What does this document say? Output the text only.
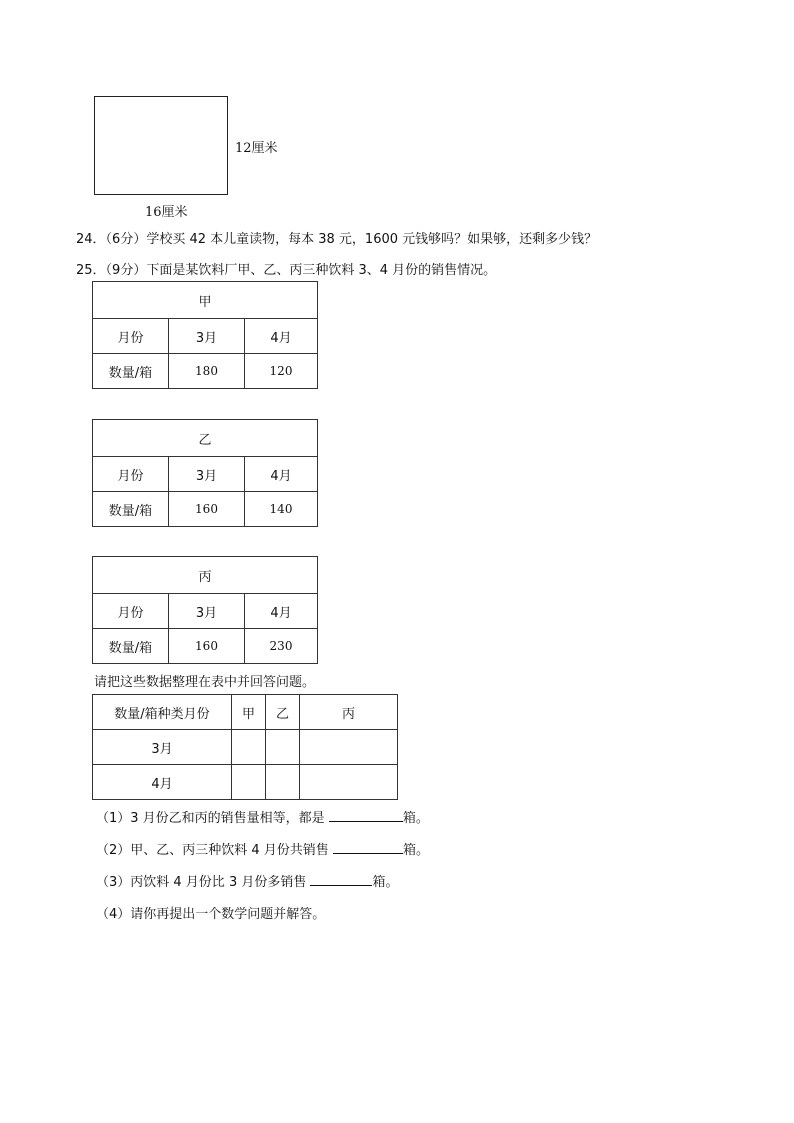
12厘米
16厘米
24．（6分）学校买 42 本儿童读物，每本 38 元，1600 元钱够吗？如果够，还剩多少钱？
25．（9分）下面是某饮料厂甲、乙、丙三种饮料 3、4 月份的销售情况。
甲		
月份	3月	4月
数量/箱	180	120
乙		
月份	3月	4月
数量/箱	160	140
丙		
月份	3月	4月
数量/箱	160	230
请把这些数据整理在表中并回答问题。
数量/箱种类月份	甲	乙	丙
3月			
4月			
（1）3 月份乙和丙的销售量相等，都是	箱。
（2）甲、乙、丙三种饮料 4 月份共销售	箱。
（3）丙饮料 4 月份比 3 月份多销售	箱。
（4）请你再提出一个数学问题并解答。
